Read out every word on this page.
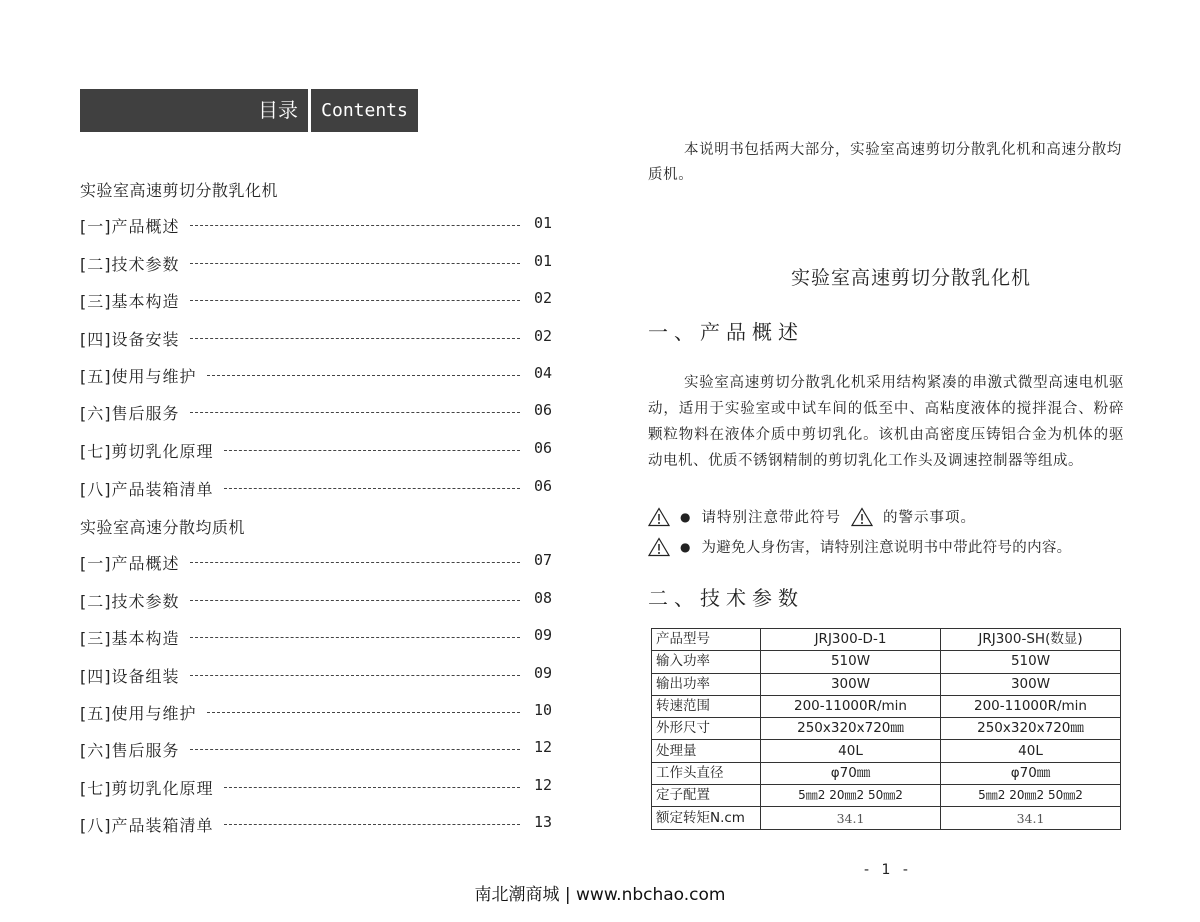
目录	Contents
实验室高速剪切分散乳化机
[一]产品概述	01
[二]技术参数	01
[三]基本构造	02
[四]设备安装	02
[五]使用与维护	04
[六]售后服务	06
[七]剪切乳化原理	06
[八]产品装箱清单	06
实验室高速分散均质机
[一]产品概述	07
[二]技术参数	08
[三]基本构造	09
[四]设备组装	09
[五]使用与维护	10
[六]售后服务	12
[七]剪切乳化原理	12
[八]产品装箱清单	13
本说明书包括两大部分，实验室高速剪切分散乳化机和高速分散均质机。
实验室高速剪切分散乳化机
一、产品概述
实验室高速剪切分散乳化机采用结构紧凑的串激式微型高速电机驱动，适用于实验室或中试车间的低至中、高粘度液体的搅拌混合、粉碎颗粒物料在液体介质中剪切乳化。该机由高密度压铸铝合金为机体的驱动电机、优质不锈钢精制的剪切乳化工作头及调速控制器等组成。
● 请特别注意带此符号	的警示事项。
● 为避免人身伤害，请特别注意说明书中带此符号的内容。
二、技术参数
产品型号	JRJ300-D-1	JRJ300-SH(数显)
输入功率	510W	510W
输出功率	300W	300W
转速范围	200-11000R/min	200-11000R/min
外形尺寸	250x320x720㎜	250x320x720㎜
处理量	40L	40L
工作头直径	φ70㎜	φ70㎜
定子配置	5㎜2 20㎜2 50㎜2	5㎜2 20㎜2 50㎜2
额定转矩N.cm	34.1	34.1
- 1 -
南北潮商城 | www.nbchao.com
